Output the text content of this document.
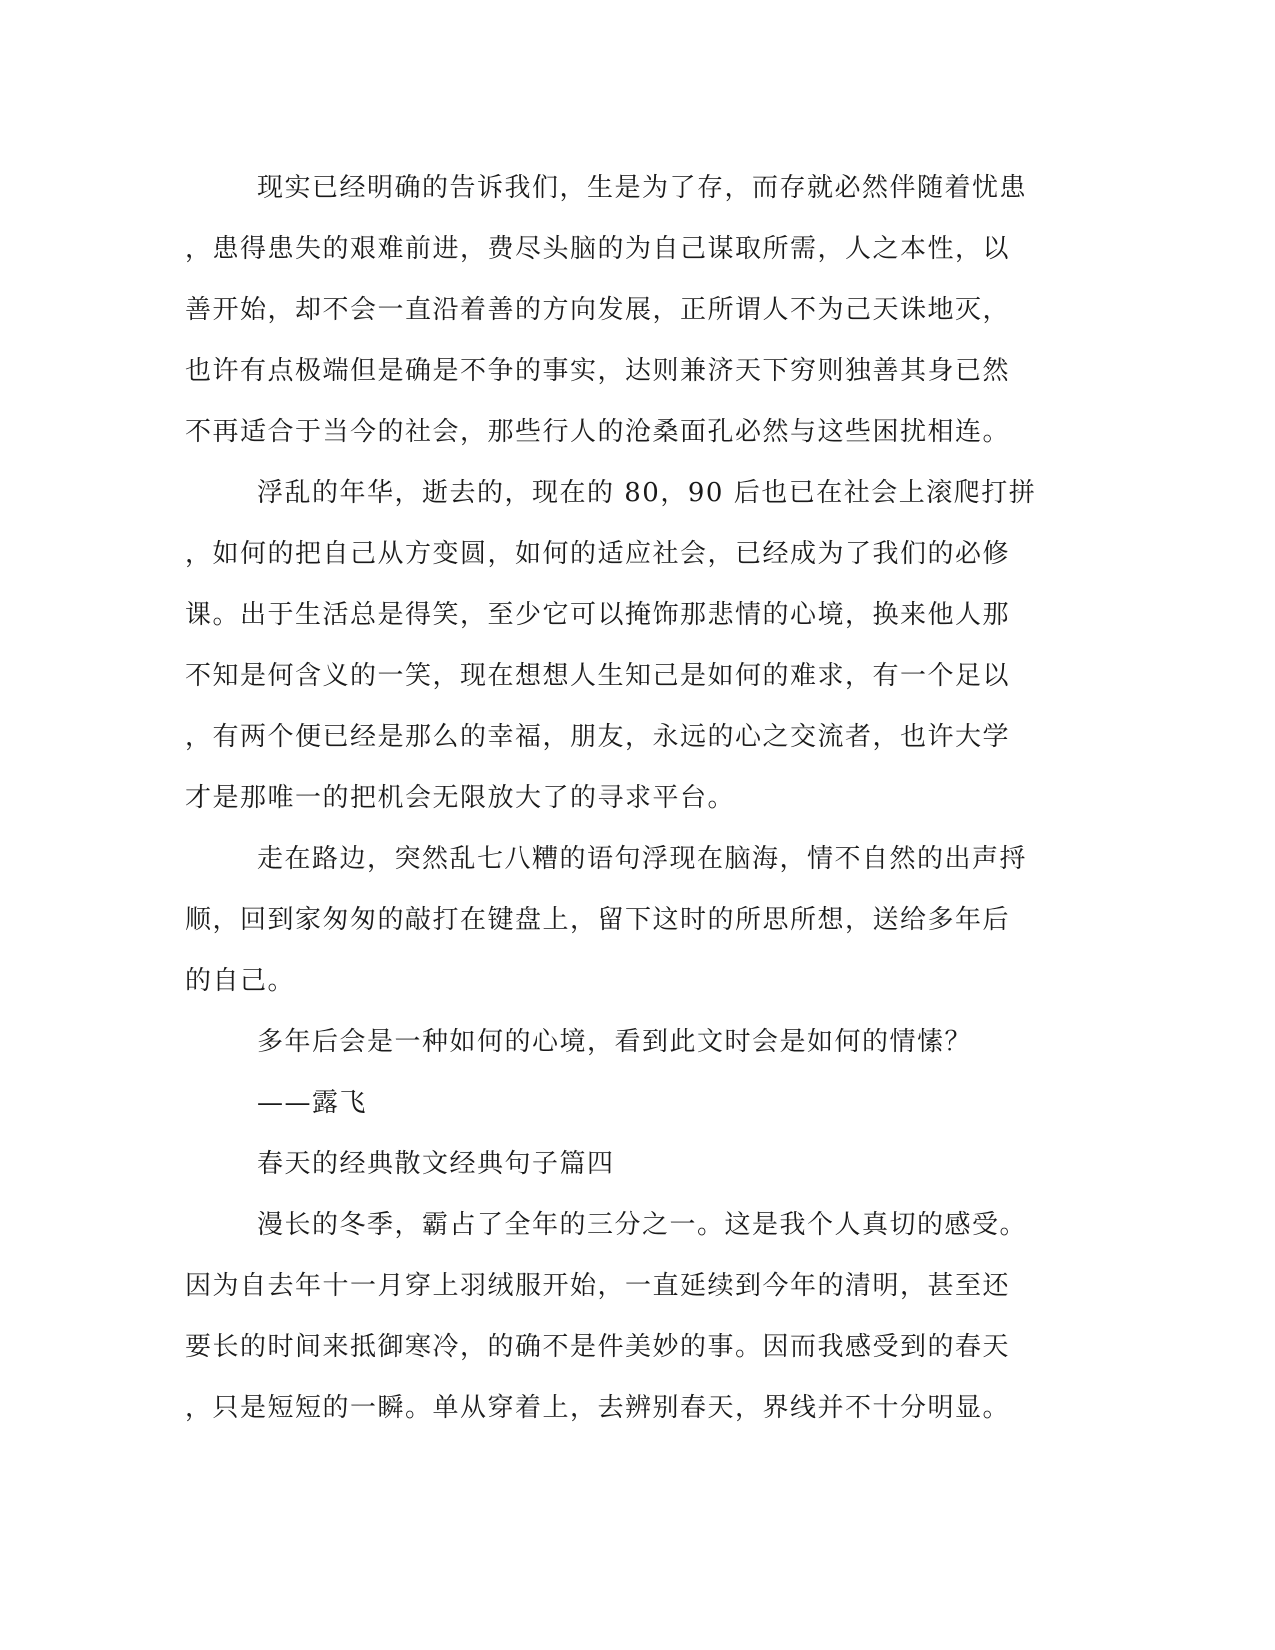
现实已经明确的告诉我们，生是为了存，而存就必然伴随着忧患
，患得患失的艰难前进，费尽头脑的为自己谋取所需，人之本性，以
善开始，却不会一直沿着善的方向发展，正所谓人不为己天诛地灭，
也许有点极端但是确是不争的事实，达则兼济天下穷则独善其身已然
不再适合于当今的社会，那些行人的沧桑面孔必然与这些困扰相连。
浮乱的年华，逝去的，现在的 80，90 后也已在社会上滚爬打拼
，如何的把自己从方变圆，如何的适应社会，已经成为了我们的必修
课。出于生活总是得笑，至少它可以掩饰那悲情的心境，换来他人那
不知是何含义的一笑，现在想想人生知己是如何的难求，有一个足以
，有两个便已经是那么的幸福，朋友，永远的心之交流者，也许大学
才是那唯一的把机会无限放大了的寻求平台。
走在路边，突然乱七八糟的语句浮现在脑海，情不自然的出声捋
顺，回到家匆匆的敲打在键盘上，留下这时的所思所想，送给多年后
的自己。
多年后会是一种如何的心境，看到此文时会是如何的情愫？
——露飞
春天的经典散文经典句子篇四
漫长的冬季，霸占了全年的三分之一。这是我个人真切的感受。
因为自去年十一月穿上羽绒服开始，一直延续到今年的清明，甚至还
要长的时间来抵御寒冷，的确不是件美妙的事。因而我感受到的春天
，只是短短的一瞬。单从穿着上，去辨别春天，界线并不十分明显。
